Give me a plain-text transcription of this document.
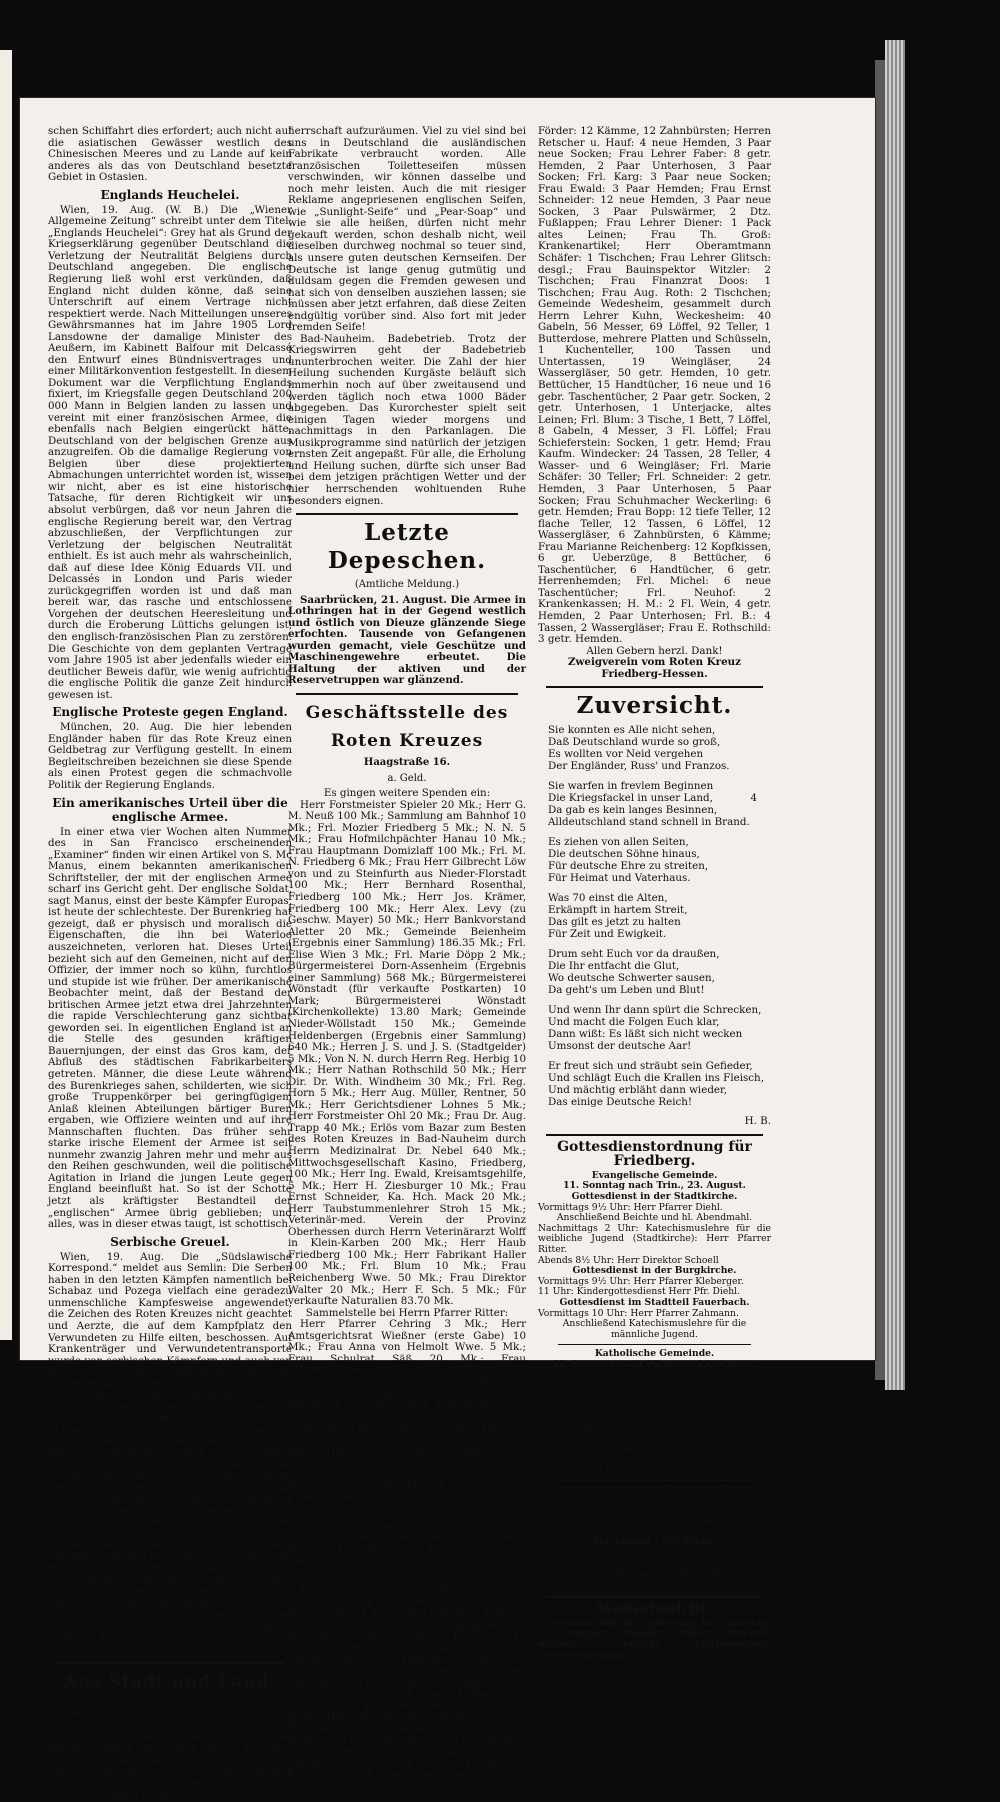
schen Schiffahrt dies erfordert; auch nicht auf die asiatischen Gewässer westlich des Chinesischen Meeres und zu Lande auf kein anderes als das von Deutschland besetzte Gebiet in Ostasien.

Englands Heuchelei.

Wien, 19. Aug. (W. B.) Die „Wiener Allgemeine Zeitung“ schreibt unter dem Titel: „Englands Heuchelei“: Grey hat als Grund der Kriegserklärung gegenüber Deutschland die Verletzung der Neutralität Belgiens durch Deutschland angegeben. Die englische Regierung ließ wohl erst verkünden, daß England nicht dulden könne, daß seine Unterschrift auf einem Vertrage nicht respektiert werde. Nach Mitteilungen unseres Gewährsmannes hat im Jahre 1905 Lord Lansdowne der damalige Minister des Aeußern, im Kabinett Balfour mit Delcassé den Entwurf eines Bündnisvertrages und einer Militärkonvention festgestellt. In diesem Dokument war die Verpflichtung Englands fixiert, im Kriegsfalle gegen Deutschland 200 000 Mann in Belgien landen zu lassen und vereint mit einer französischen Armee, die ebenfalls nach Belgien eingerückt hätte, Deutschland von der belgischen Grenze aus anzugreifen. Ob die damalige Regierung von Belgien über diese projektierten Abmachungen unterrichtet worden ist, wissen wir nicht, aber es ist eine historische Tatsache, für deren Richtigkeit wir uns absolut verbürgen, daß vor neun Jahren die englische Regierung bereit war, den Vertrag abzuschließen, der Verpflichtungen zur Verletzung der belgischen Neutralität enthielt. Es ist auch mehr als wahrscheinlich, daß auf diese Idee König Eduards VII. und Delcassés in London und Paris wieder zurückgegriffen worden ist und daß man bereit war, das rasche und entschlossene Vorgehen der deutschen Heeresleitung und durch die Eroberung Lüttichs gelungen ist, den englisch-französischen Plan zu zerstören. Die Geschichte von dem geplanten Vertrage vom Jahre 1905 ist aber jedenfalls wieder ein deutlicher Beweis dafür, wie wenig aufrichtig die englische Politik die ganze Zeit hindurch gewesen ist.

Englische Proteste gegen England.

München, 20. Aug. Die hier lebenden Engländer haben für das Rote Kreuz einen Geldbetrag zur Verfügung gestellt. In einem Begleitschreiben bezeichnen sie diese Spende als einen Protest gegen die schmachvolle Politik der Regierung Englands.

Ein amerikanisches Urteil über die
englische Armee.

In einer etwa vier Wochen alten Nummer des in San Francisco erscheinenden „Examiner“ finden wir einen Artikel von S. Mc Manus, einem bekannten amerikanischen Schriftsteller, der mit der englischen Armee scharf ins Gericht geht. Der englische Soldat, sagt Manus, einst der beste Kämpfer Europas, ist heute der schlechteste. Der Burenkrieg hat gezeigt, daß er physisch und moralisch die Eigenschaften, die ihn bei Waterloo auszeichneten, verloren hat. Dieses Urteil bezieht sich auf den Gemeinen, nicht auf den Offizier, der immer noch so kühn, furchtlos und stupide ist wie früher. Der amerikanische Beobachter meint, daß der Bestand der britischen Armee jetzt etwa drei Jahrzehnten die rapide Verschlechterung ganz sichtbar geworden sei. In eigentlichen England ist an die Stelle des gesunden kräftigen Bauernjungen, der einst das Gros kam, der Abfluß des städtischen Fabrikarbeiters getreten. Männer, die diese Leute während des Burenkrieges sahen, schilderten, wie sich große Truppenkörper bei geringfügigem Anlaß kleinen Abteilungen bärtiger Buren ergaben, wie Offiziere weinten und auf ihre Mannschaften fluchten. Das früher sehr starke irische Element der Armee ist seit nunmehr zwanzig Jahren mehr und mehr aus den Reihen geschwunden, weil die politische Agitation in Irland die jungen Leute gegen England beeinflußt hat. So ist der Schotte jetzt als kräftigster Bestandteil der „englischen“ Armee übrig geblieben; und alles, was in dieser etwas taugt, ist schottisch.

Serbische Greuel.

Wien, 19. Aug. Die „Südslawische Korrespond.“ meldet aus Semlin: Die Serben haben in den letzten Kämpfen namentlich bei Schabaz und Pozega vielfach eine geradezu unmenschliche Kampfesweise angewendet, die Zeichen des Roten Kreuzes nicht geachtet und Aerzte, die auf dem Kampfplatz den Verwundeten zu Hilfe eilten, beschossen. Auf Krankenträger und Verwundetentransporte wurde von serbischen Kämpfern und auch von Weibern aus dem Hinterhalte gefeuert. Oesterreichische Aerzte, die sich auch der serbischen Verwundeten annehmen wollten, wurden von Serben, die am Boden lagen und schwere Verwundungen nur vortäuschten, im Momente überfallen, als sie sich über sie beugten. Serbische Frauen und auch Kinder haben Gefallene und Verwundete ausgeplündert, aber auch serbische Soldaten wurden dabei betreten, als sie ihre eigenen gefallenen Kameraden ausraubten und die Leichen liegen ließen. Zahlreiche Plünderer wurden standrechtlich behandelt und erschossen. Inhaber von Häusern haben unsere Soldaten, als sie scheinbar willig aufgenommen hatten, nächtlicherweise überfallen. Serbische Frauen versuchten ein Haus, in dem mehrere Mann schliefen, auszuzünden, wurden aber hierbei rechtzeitig betreten und festgenommen. Die Serben haben auch Versuche gemacht, unter dem Schutze der weißen Flagge Truppen heranzulocken, um dann erst den Kampf zu eröffnen. Die Versuche sind in keinem Falle geglückt.

Aus Stadt und Land.

Friedberg. Englische und französische Seifen. Seife ist ein Artikel, der immer gebraucht wird und auch in Kriegszeiten unverminderte Verwendung findet. Die Fabriken sollten daher über Mangel an Arbeit nicht zu klagen haben. Notwendig ist aber, daß sich das ganze deutsche Volk, nunmehr auf dem Gebiete des Seifenverbrauches mit der unwürdigen Fremd-

herrschaft aufzuräumen. Viel zu viel sind bei uns in Deutschland die ausländischen Fabrikate verbraucht worden. Alle französischen Toiletteseifen müssen verschwinden, wir können dasselbe und noch mehr leisten. Auch die mit riesiger Reklame angepriesenen englischen Seifen, wie „Sunlight-Seife“ und „Pear-Soap“ und wie sie alle heißen, dürfen nicht mehr gekauft werden, schon deshalb nicht, weil dieselben durchweg nochmal so teuer sind, als unsere guten deutschen Kernseifen. Der Deutsche ist lange genug gutmütig und duldsam gegen die Fremden gewesen und hat sich von denselben ausziehen lassen; sie müssen aber jetzt erfahren, daß diese Zeiten endgültig vorüber sind. Also fort mit jeder fremden Seife!

Bad-Nauheim. Badebetrieb. Trotz der Kriegswirren geht der Badebetrieb ununterbrochen weiter. Die Zahl der hier Heilung suchenden Kurgäste beläuft sich immerhin noch auf über zweitausend und werden täglich noch etwa 1000 Bäder abgegeben. Das Kurorchester spielt seit einigen Tagen wieder morgens und nachmittags in den Parkanlagen. Die Musikprogramme sind natürlich der jetzigen ernsten Zeit angepaßt. Für alle, die Erholung und Heilung suchen, dürfte sich unser Bad bei dem jetzigen prächtigen Wetter und der hier herrschenden wohltuenden Ruhe besonders eignen.

Letzte Depeschen.
(Amtliche Meldung.)

Saarbrücken, 21. August. Die Armee in Lothringen hat in der Gegend westlich und östlich von Dieuze glänzende Siege erfochten. Tausende von Gefangenen wurden gemacht, viele Geschütze und Maschinengewehre erbeutet. Die Haltung der aktiven und der Reservetruppen war glänzend.

Geschäftsstelle des Roten Kreuzes
Haagstraße 16.
a. Geld.

Es gingen weitere Spenden ein:

Herr Forstmeister Spieler 20 Mk.; Herr G. M. Neuß 100 Mk.; Sammlung am Bahnhof 10 Mk.; Frl. Mozier Friedberg 5 Mk.; N. N. 5 Mk.; Frau Hofmilchpächter Hanau 10 Mk.; Frau Hauptmann Domizlaff 100 Mk.; Frl. M. N. Friedberg 6 Mk.; Frau Herr Gilbrecht Löw von und zu Steinfurth aus Nieder-Florstadt 100 Mk.; Herr Bernhard Rosenthal, Friedberg 100 Mk.; Herr Jos. Krämer, Friedberg 100 Mk.; Herr Alex. Levy (zu Geschw. Mayer) 50 Mk.; Herr Bankvorstand Aletter 20 Mk.; Gemeinde Beienheim (Ergebnis einer Sammlung) 186.35 Mk.; Frl. Elise Wien 3 Mk.; Frl. Marie Döpp 2 Mk.; Bürgermeisterei Dorn-Assenheim (Ergebnis einer Sammlung) 568 Mk.; Bürgermeisterei Wönstadt (für verkaufte Postkarten) 10 Mark; Bürgermeisterei Wönstadt (Kirchenkollekte) 13.80 Mark; Gemeinde Nieder-Wöllstadt 150 Mk.; Gemeinde Heldenbergen (Ergebnis einer Sammlung) 640 Mk.; Herren J. S. und J. S. (Stadtgelder) 5 Mk.; Von N. N. durch Herrn Reg. Herbig 10 Mk.; Herr Nathan Rothschild 50 Mk.; Herr Dir. Dr. With. Windheim 30 Mk.; Frl. Reg. Horn 5 Mk.; Herr Aug. Müller, Rentner, 50 Mk.; Herr Gerichtsdiener Lohnes 5 Mk.; Herr Forstmeister Ohl 20 Mk.; Frau Dr. Aug. Trapp 40 Mk.; Erlös vom Bazar zum Besten des Roten Kreuzes in Bad-Nauheim durch Herrn Medizinalrat Dr. Nebel 640 Mk.; Mittwochsgesellschaft Kasino, Friedberg, 100 Mk.; Herr Ing. Ewald, Kreisamtsgehilfe, 5 Mk.; Herr H. Ziesburger 10 Mk.; Frau Ernst Schneider, Ka. Hch. Mack 20 Mk.; Herr Taubstummenlehrer Stroh 15 Mk.; Veterinär-med. Verein der Provinz Oberhessen durch Herrn Veterinärarzt Wolff in Klein-Karben 200 Mk.; Herr Haub Friedberg 100 Mk.; Herr Fabrikant Haller 100 Mk.; Frl. Blum 10 Mk.; Frau Reichenberg Wwe. 50 Mk.; Frau Direktor Walter 20 Mk.; Herr F. Sch. 5 Mk.; Für verkaufte Naturalien 83.70 Mk.

Sammelstelle bei Herrn Pfarrer Ritter:

Herr Pfarrer Cehring 3 Mk.; Herr Amtsgerichtsrat Wießner (erste Gabe) 10 Mk.; Frau Anna von Helmolt Wwe. 5 Mk.; Frau Schulrat Säß 20 Mk.; Frau Mauermeister Reuß 10 Mk.; Frau Oberförster Rumpf, geb. Gatt 10 Mk.; Herr Pfarrer L. P. Suppes 20 Mk.; Herr Pfarrer Kleberger 10 Mk.; Herr Pfarramter Otto Siegel 3 Mk.; Herr Fritz Scriba, Oberlehrerin 3 Mk.; Herr Pfarrer Ritter 20 Mk.; Herr Fr. A. 10 Mk.; Herr Hofmetzger Hanstein 10 Mark; Herr Georg Emmerich Hanstein 10 Mk.; Hilfsgerichtsschreiber Nieder-Rosbach 67.75 Mk.; Herr von Reichenberg, Fauerbach 100 Mk.; Frau R. von Helmolt, Fauerbacherhof 100 Mk.

b. Naturalien:

Frau Elsner, Friedberg: Gemüse; N. N. u. Peter: Kaffee; Gemeinde Wölfersheim: Gemüse; Herr Bald. Vogt, Friedberg: 50 Pfd. Zeit.

c. Wäsche und Gebrauchsgegenstände.

Frau Schöneberg: 6 getr. Hemden, 3 getr. Unterjacken, 4 Paar neue Pulswärmer, 2 Paar Socken, 1 Pack altes Leinen, 6 Teller, 8 Tassen, 2 Töpfchen, 1 Fl. Champagner; Frl. Else Ohl: 2 Paar Pulswärmer; Frl. Reuß: 12 getr. Hemden; Frau Schneidt Wwe.: altes Leinen; Frau Prof. Helmke: 7 Paar getr. Socken; Frl. Ruth Helmke: 1 Paar Pulswärmer; Frau Elsner: 100 Zigarren, 150 Zigaretten; Frau Bald. Vogt: 4 Paar getr. Unterhosen, 4 Unterjacken, 1 Hemd, 1 Jacke; Herr Rentner Aug. Müller: 10 getr. Hemden; Herr Schleimer: 12 Paar neue Socken, 27 Paar Pulswärmer, 12 Handtücher, 36 Taschentücher, 24 Zahnbürsten, 23 Kämme, 104 Teller, 100 Tassen, 2 Bettpfannen, 24 Spiegelchen; Herr Frl.

Förder: 12 Kämme, 12 Zahnbürsten; Herren Retscher u. Hauf: 4 neue Hemden, 3 Paar neue Socken; Frau Lehrer Faber: 8 getr. Hemden, 2 Paar Unterhosen, 3 Paar Socken; Frl. Karg: 3 Paar neue Socken; Frau Ewald: 3 Paar Hemden; Frau Ernst Schneider: 12 neue Hemden, 3 Paar neue Socken, 3 Paar Pulswärmer, 2 Dtz. Fußlappen; Frau Lehrer Diener: 1 Pack altes Leinen; Frau Th. Groß: Krankenartikel; Herr Oberamtmann Schäfer: 1 Tischchen; Frau Lehrer Glitsch: desgl.; Frau Bauinspektor Witzler: 2 Tischchen; Frau Finanzrat Doos: 1 Tischchen; Frau Aug. Roth: 2 Tischchen; Gemeinde Wedesheim, gesammelt durch Herrn Lehrer Kuhn, Weckesheim: 40 Gabeln, 56 Messer, 69 Löffel, 92 Teller, 1 Butterdose, mehrere Platten und Schüsseln, 1 Kuchenteller, 100 Tassen und Untertassen, 19 Weingläser, 24 Wassergläser, 50 getr. Hemden, 10 getr. Bettücher, 15 Handtücher, 16 neue und 16 gebr. Taschentücher, 2 Paar getr. Socken, 2 getr. Unterhosen, 1 Unterjacke, altes Leinen; Frl. Blum: 3 Tische, 1 Bett, 7 Löffel, 8 Gabeln, 4 Messer, 3 Fl. Löffel; Frau Schieferstein: Socken, 1 getr. Hemd; Frau Kaufm. Windecker: 24 Tassen, 28 Teller, 4 Wasser- und 6 Weingläser; Frl. Marie Schäfer: 30 Teller; Frl. Schneider: 2 getr. Hemden, 3 Paar Unterhosen, 5 Paar Socken; Frau Schuhmacher Weckerling: 6 getr. Hemden; Frau Bopp: 12 tiefe Teller, 12 flache Teller, 12 Tassen, 6 Löffel, 12 Wassergläser, 6 Zahnbürsten, 6 Kämme; Frau Marianne Reichenberg: 12 Kopfkissen, 6 gr. Ueberzüge, 8 Bettücher, 6 Taschentücher, 6 Handtücher, 6 getr. Herrenhemden; Frl. Michel: 6 neue Taschentücher; Frl. Neuhof: 2 Krankenkassen; H. M.: 2 Fl. Wein, 4 getr. Hemden, 2 Paar Unterhosen; Frl. B.: 4 Tassen, 2 Wassergläser; Frau E. Rothschild: 3 getr. Hemden.

Allen Gebern herzl. Dank!

Zweigverein vom Roten Kreuz

Friedberg-Hessen.

Zuversicht.
Sie konnten es Alle nicht sehen,
Daß Deutschland wurde so groß,
Es wollten vor Neid vergehen
Der Engländer, Russ' und Franzos.
Sie warfen in frevlem Beginnen
Die Kriegsfackel in unser Land,	4
Da gab es kein langes Besinnen,
Alldeutschland stand schnell in Brand.
Es ziehen von allen Seiten,
Die deutschen Söhne hinaus,
Für deutsche Ehre zu streiten,
Für Heimat und Vaterhaus.
Was 70 einst die Alten,
Erkämpft in hartem Streit,
Das gilt es jetzt zu halten
Für Zeit und Ewigkeit.
Drum seht Euch vor da draußen,
Die Ihr entfacht die Glut,
Wo deutsche Schwerter sausen,
Da geht's um Leben und Blut!
Und wenn Ihr dann spürt die Schrecken,
Und macht die Folgen Euch klar,
Dann wißt: Es läßt sich nicht wecken
Umsonst der deutsche Aar!
Er freut sich und sträubt sein Gefieder,
Und schlägt Euch die Krallen ins Fleisch,
Und mächtig erbläht dann wieder,
Das einige Deutsche Reich!
H. B.
Gottesdienstordnung für Friedberg.

Evangelische Gemeinde.

11. Sonntag nach Trin., 23. August.

Gottesdienst in der Stadtkirche.

Vormittags 9½ Uhr: Herr Pfarrer Diehl.

Anschließend Beichte und hl. Abendmahl.

Nachmittags 2 Uhr: Katechismuslehre für die weibliche Jugend (Stadtkirche): Herr Pfarrer Ritter.

Abends 8½ Uhr: Herr Direktor Schoell

Gottesdienst in der Burgkirche.

Vormittags 9½ Uhr: Herr Pfarrer Kleberger.

11 Uhr: Kindergottesdienst Herr Pfr. Diehl.

Gottesdienst im Stadtteil Fauerbach.

Vormittags 10 Uhr: Herr Pfarrer Zahmann.

Anschließend Katechismuslehre für die männliche Jugend.

Katholische Gemeinde.

22. Sonntag nach Pfingsten 23. August.

Gelegenheit zu beichten Samstag Nachmittag von 5 Uhr, Sonntag früh von ½6 Uhr an.

½7 Uhr: Frühmesse

8 Uhr: Singmesse mit Predigt.

½10 Uhr: Hochamt mit Predigt

Nachmittags 2½ Uhr: Segensandacht; (anach) Monatsversammlung des Jungfrauenvereins.

N.B. Die aus Anlaß der Kriegsbedrängnis vorgeschriebenen Andachten werden am Mittwoch und Freitag, abends 8½ Uhr gehalten.

Christliche Gemeinschaft, Vorstadt z. Garten Nr. 8.

Sonntag Abend 8½ Uhr: Versammlung.

Donnerstag Abend 8½ Uhr: Bibelstunde.

„Feierabend – Friedberg.“

Jeden Sonntag abend von ½8–½10 Uhr Versammlung im großen Saale der alten Gewerbeschule. Eingang vom Burgpläßchen.

Sonntag, 23. August 1914: Vortrag: „Vom Krieg“

Wetterbericht.

Voraussichtliche Witterung für Samstag, 22. August: Ziemlich heiter, trocken, wärmer, schwache Luftbewegung, Gewitterneigung.
